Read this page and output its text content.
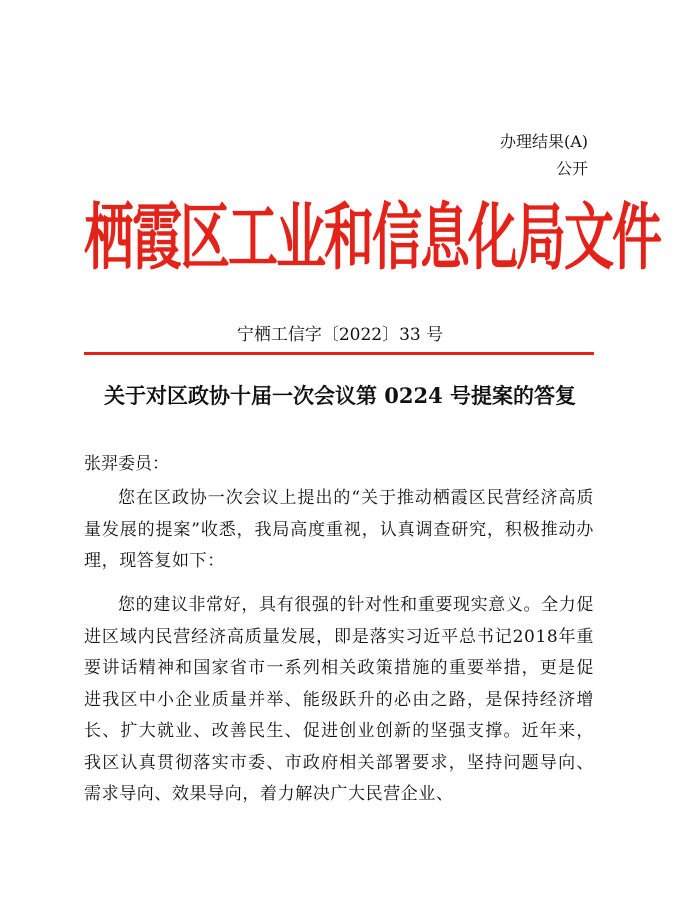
办理结果(A)
公开
栖霞区工业和信息化局文件
宁栖工信字〔2022〕33 号
关于对区政协十届一次会议第 0224 号提案的答复
张羿委员：
您在区政协一次会议上提出的“关于推动栖霞区民营经济高质量发展的提案”收悉，我局高度重视，认真调查研究，积极推动办理，现答复如下：
您的建议非常好，具有很强的针对性和重要现实意义。全力促进区域内民营经济高质量发展，即是落实习近平总书记2018年重要讲话精神和国家省市一系列相关政策措施的重要举措，更是促进我区中小企业质量并举、能级跃升的必由之路，是保持经济增长、扩大就业、改善民生、促进创业创新的坚强支撑。近年来，我区认真贯彻落实市委、市政府相关部署要求，坚持问题导向、需求导向、效果导向，着力解决广大民营企业、
